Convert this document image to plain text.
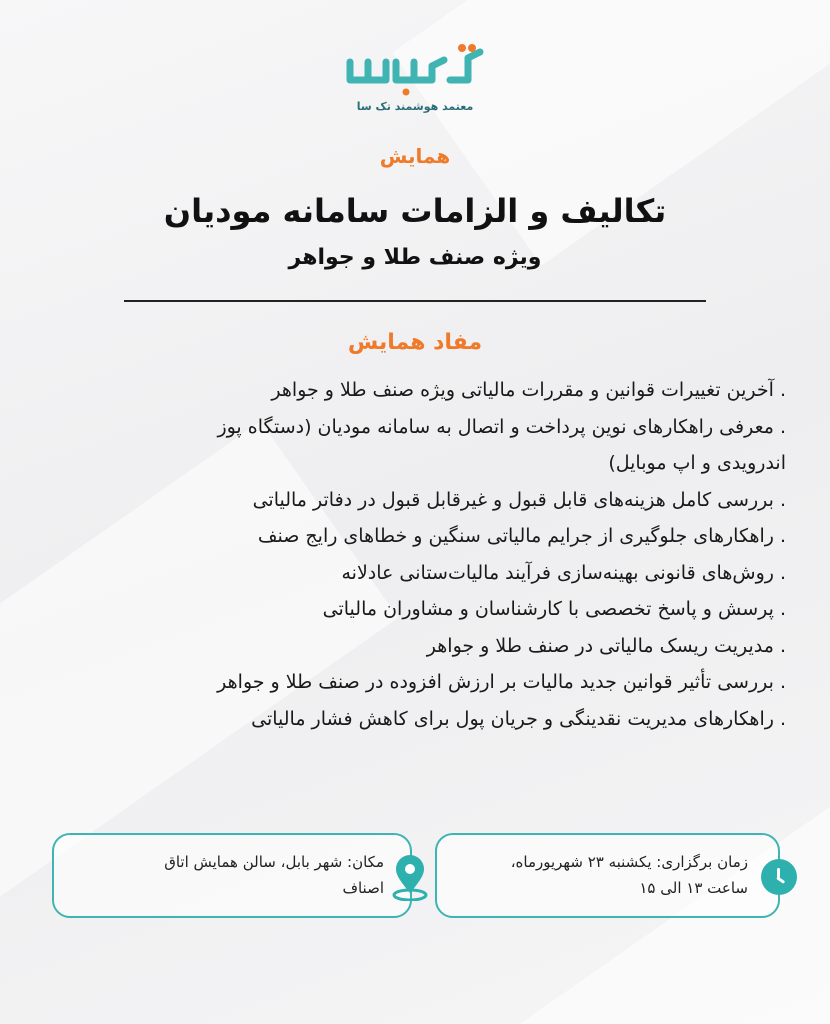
معتمد هوشمند تک سا
همایش
تکالیف و الزامات سامانه مودیان
ویژه صنف طلا و جواهر
مفاد همایش
. آخرین تغییرات قوانین و مقررات مالیاتی ویژه صنف طلا و جواهر
. معرفی راهکارهای نوین پرداخت و اتصال به سامانه مودیان (دستگاه پوز
اندرویدی و اپ موبایل)
. بررسی کامل هزینه‌های قابل قبول و غیرقابل قبول در دفاتر مالیاتی
. راهکارهای جلوگیری از جرایم مالیاتی سنگین و خطاهای رایج صنف
. روش‌های قانونی بهینه‌سازی فرآیند مالیات‌ستانی عادلانه
. پرسش و پاسخ تخصصی با کارشناسان و مشاوران مالیاتی
. مدیریت ریسک مالیاتی در صنف طلا و جواهر
. بررسی تأثیر قوانین جدید مالیات بر ارزش افزوده در صنف طلا و جواهر
. راهکارهای مدیریت نقدینگی و جریان پول برای کاهش فشار مالیاتی
زمان برگزاری: یکشنبه ۲۳ شهریورماه،
ساعت ۱۳ الی ۱۵
مکان: شهر بابل، سالن همایش اتاق
اصناف
